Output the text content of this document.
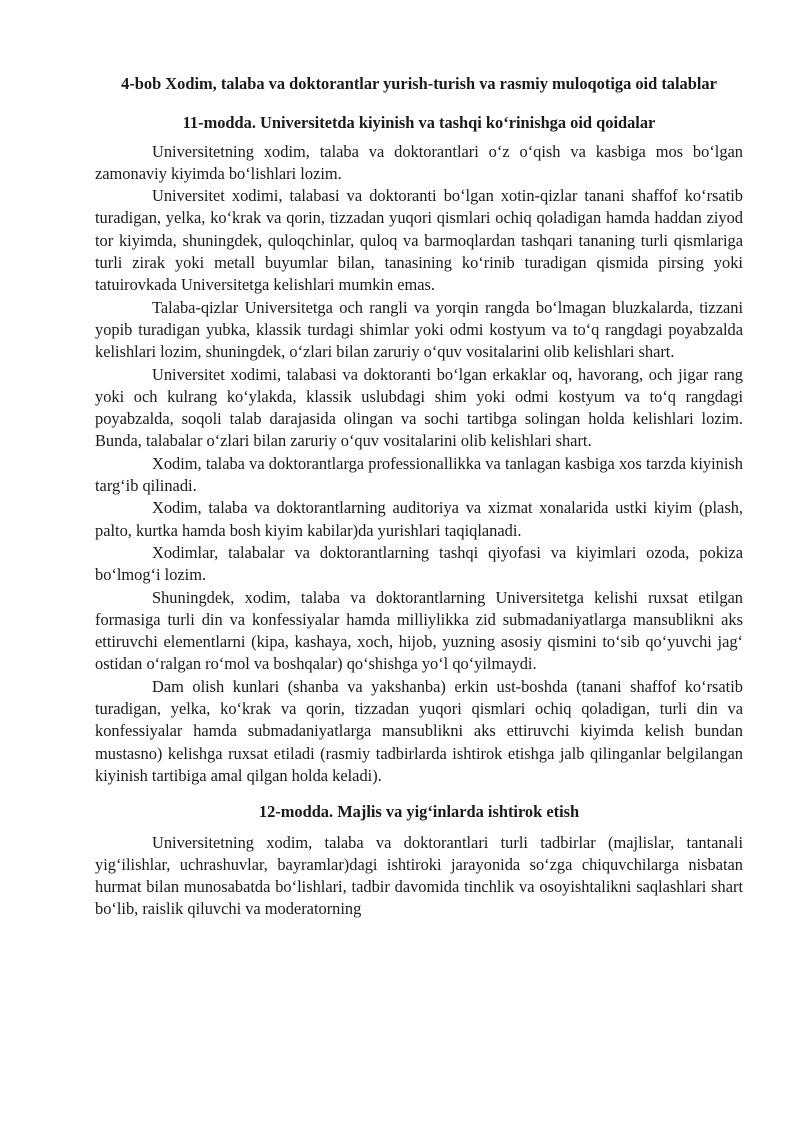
4-bob Xodim, talaba va doktorantlar yurish-turish va rasmiy muloqotiga oid talablar
11-modda. Universitetda kiyinish va tashqi koʻrinishga oid qoidalar

Universitetning xodim, talaba va doktorantlari oʻz oʻqish va kasbiga mos boʻlgan zamonaviy kiyimda boʻlishlari lozim.

Universitet xodimi, talabasi va doktoranti boʻlgan xotin-qizlar tanani shaffof koʻrsatib turadigan, yelka, koʻkrak va qorin, tizzadan yuqori qismlari ochiq qoladigan hamda haddan ziyod tor kiyimda, shuningdek, quloqchinlar, quloq va barmoqlardan tashqari tananing turli qismlariga turli zirak yoki metall buyumlar bilan, tanasining koʻrinib turadigan qismida pirsing yoki tatuirovkada Universitetga kelishlari mumkin emas.

Talaba-qizlar Universitetga och rangli va yorqin rangda boʻlmagan bluzkalarda, tizzani yopib turadigan yubka, klassik turdagi shimlar yoki odmi kostyum va toʻq rangdagi poyabzalda kelishlari lozim, shuningdek, oʻzlari bilan zaruriy oʻquv vositalarini olib kelishlari shart.

Universitet xodimi, talabasi va doktoranti boʻlgan erkaklar oq, havorang, och jigar rang yoki och kulrang koʻylakda, klassik uslubdagi shim yoki odmi kostyum va toʻq rangdagi poyabzalda, soqoli talab darajasida olingan va sochi tartibga solingan holda kelishlari lozim. Bunda, talabalar oʻzlari bilan zaruriy oʻquv vositalarini olib kelishlari shart.

Xodim, talaba va doktorantlarga professionallikka va tanlagan kasbiga xos tarzda kiyinish targʻib qilinadi.

Xodim, talaba va doktorantlarning auditoriya va xizmat xonalarida ustki kiyim (plash, palto, kurtka hamda bosh kiyim kabilar)da yurishlari taqiqlanadi.

Xodimlar, talabalar va doktorantlarning tashqi qiyofasi va kiyimlari ozoda, pokiza boʻlmogʻi lozim.

Shuningdek, xodim, talaba va doktorantlarning Universitetga kelishi ruxsat etilgan formasiga turli din va konfessiyalar hamda milliylikka zid submadaniyatlarga mansublikni aks ettiruvchi elementlarni (kipa, kashaya, xoch, hijob, yuzning asosiy qismini toʻsib qoʻyuvchi jagʻ ostidan oʻralgan roʻmol va boshqalar) qoʻshishga yoʻl qoʻyilmaydi.

Dam olish kunlari (shanba va yakshanba) erkin ust-boshda (tanani shaffof koʻrsatib turadigan, yelka, koʻkrak va qorin, tizzadan yuqori qismlari ochiq qoladigan, turli din va konfessiyalar hamda submadaniyatlarga mansublikni aks ettiruvchi kiyimda kelish bundan mustasno) kelishga ruxsat etiladi (rasmiy tadbirlarda ishtirok etishga jalb qilinganlar belgilangan kiyinish tartibiga amal qilgan holda keladi).

12-modda. Majlis va yigʻinlarda ishtirok etish

Universitetning xodim, talaba va doktorantlari turli tadbirlar (majlislar, tantanali yigʻilishlar, uchrashuvlar, bayramlar)dagi ishtiroki jarayonida soʻzga chiquvchilarga nisbatan hurmat bilan munosabatda boʻlishlari, tadbir davomida tinchlik va osoyishtalikni saqlashlari shart boʻlib, raislik qiluvchi va moderatorning
